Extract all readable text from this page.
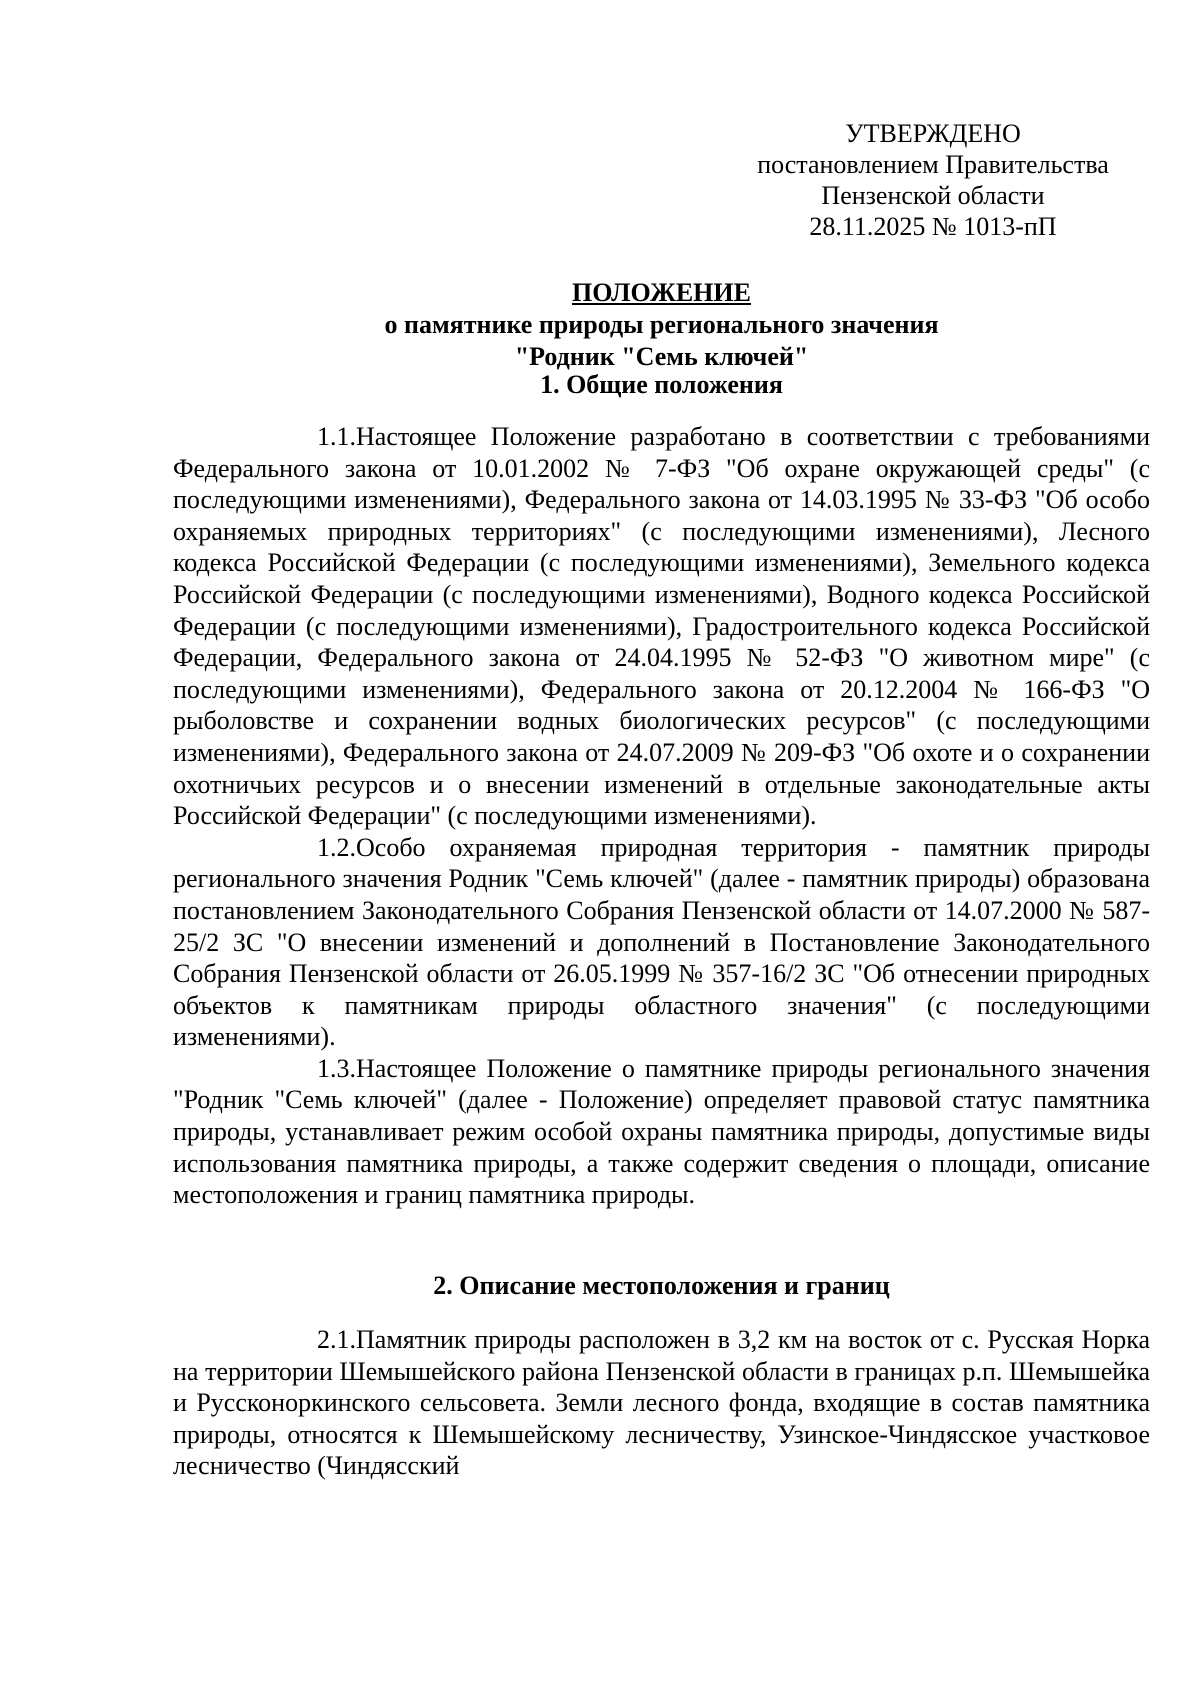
УТВЕРЖДЕНО
постановлением Правительства
Пензенской области
28.11.2025 № 1013-пП
ПОЛОЖЕНИЕ
о памятнике природы регионального значения
"Родник "Семь ключей"
1. Общие положения

1.1.Настоящее Положение разработано в соответствии с требованиями Федерального закона от 10.01.2002 № 7-ФЗ "Об охране окружающей среды" (с последующими изменениями), Федерального закона от 14.03.1995 № 33-ФЗ "Об особо охраняемых природных территориях" (с последующими изменениями), Лесного кодекса Российской Федерации (с последующими изменениями), Земельного кодекса Российской Федерации (с последующими изменениями), Водного кодекса Российской Федерации (с последующими изменениями), Градостроительного кодекса Российской Федерации, Федерального закона от 24.04.1995 № 52-ФЗ "О животном мире" (с последующими изменениями), Федерального закона от 20.12.2004 № 166-ФЗ "О рыболовстве и сохранении водных биологических ресурсов" (с последующими изменениями), Федерального закона от 24.07.2009 № 209-ФЗ "Об охоте и о сохранении охотничьих ресурсов и о внесении изменений в отдельные законодательные акты Российской Федерации" (с последующими изменениями).

1.2.Особо охраняемая природная территория - памятник природы регионального значения Родник "Семь ключей" (далее - памятник природы) образована постановлением Законодательного Собрания Пензенской области от 14.07.2000 № 587-25/2 ЗС "О внесении изменений и дополнений в Постановление Законодательного Собрания Пензенской области от 26.05.1999 № 357-16/2 ЗС "Об отнесении природных объектов к памятникам природы областного значения" (с последующими изменениями).

1.3.Настоящее Положение о памятнике природы регионального значения "Родник "Семь ключей" (далее - Положение) определяет правовой статус памятника природы, устанавливает режим особой охраны памятника природы, допустимые виды использования памятника природы, а также содержит сведения о площади, описание местоположения и границ памятника природы.

2. Описание местоположения и границ

2.1.Памятник природы расположен в 3,2 км на восток от с. Русская Норка на территории Шемышейского района Пензенской области в границах р.п. Шемышейка и Руссконоркинского сельсовета. Земли лесного фонда, входящие в состав памятника природы, относятся к Шемышейскому лесничеству, Узинское-Чиндясское участковое лесничество (Чиндясский
